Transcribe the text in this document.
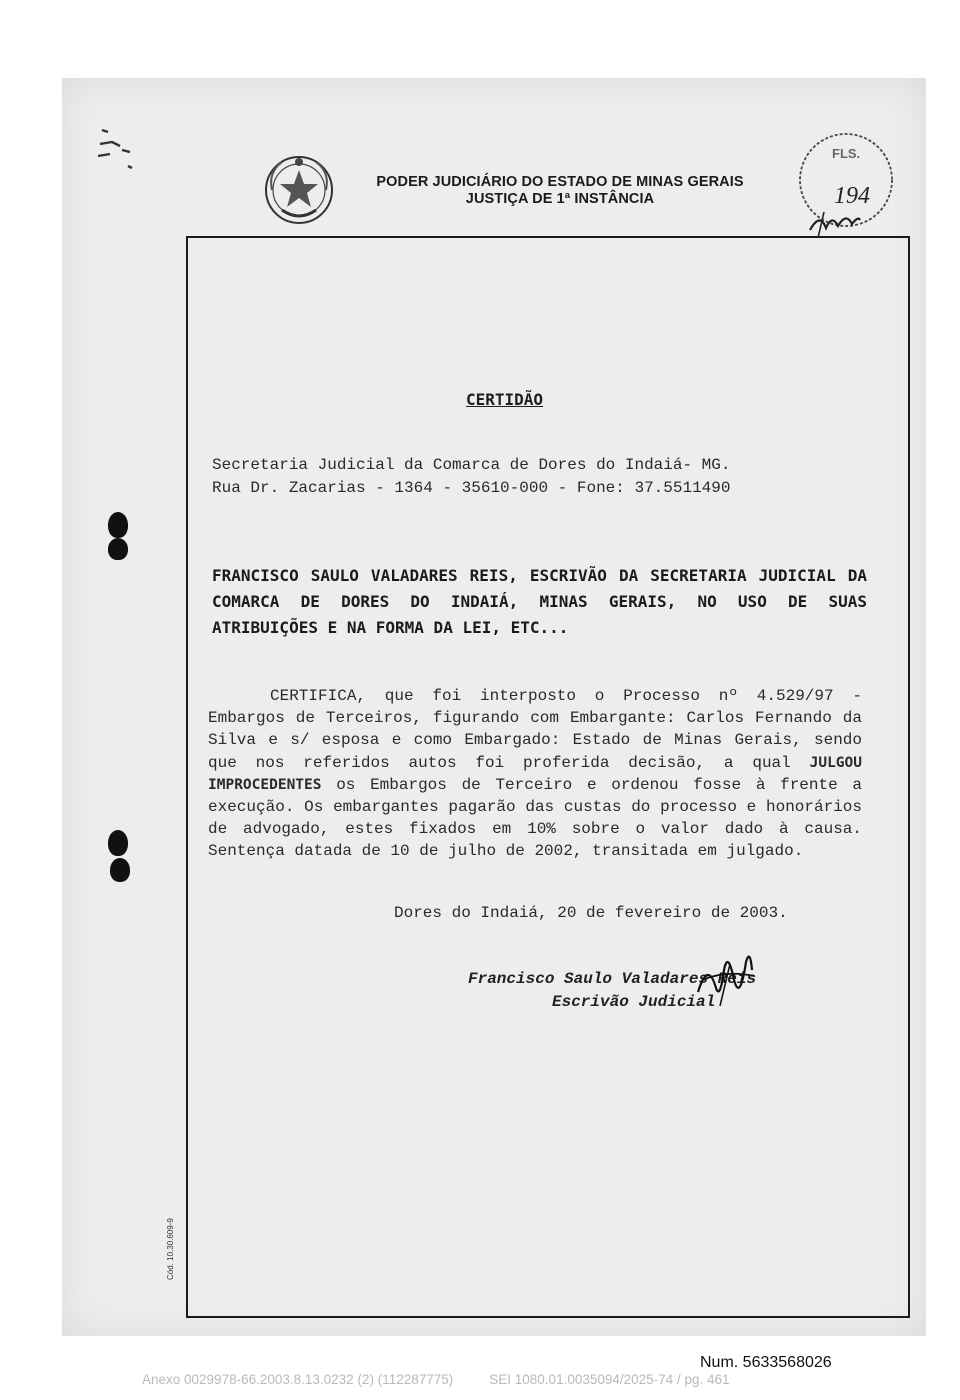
PODER JUDICIÁRIO DO ESTADO DE MINAS GERAIS
JUSTIÇA DE 1ª INSTÂNCIA
FLS.
194
CERTIDÃO
Secretaria Judicial da Comarca de Dores do Indaiá- MG.
Rua Dr. Zacarias - 1364 - 35610-000 - Fone: 37.5511490
FRANCISCO SAULO VALADARES REIS, ESCRIVÃO DA SECRETARIA JUDICIAL DA COMARCA DE DORES DO INDAIÁ, MINAS GERAIS, NO USO DE SUAS ATRIBUIÇÕES E NA FORMA DA LEI, ETC...
CERTIFICA, que foi interposto o Processo nº 4.529/97 - Embargos de Terceiros, figurando com Embargante: Carlos Fernando da Silva e s/ esposa e como Embargado: Estado de Minas Gerais, sendo que nos referidos autos foi proferida decisão, a qual JULGOU IMPROCEDENTES os Embargos de Terceiro e ordenou fosse à frente a execução. Os embargantes pagarão das custas do processo e honorários de advogado, estes fixados em 10% sobre o valor dado à causa. Sentença datada de 10 de julho de 2002, transitada em julgado.
Dores do Indaiá, 20 de fevereiro de 2003.
Francisco Saulo Valadares Reis
Escrivão Judicial
Cód. 10.30.609-9
Num. 5633568026
Anexo 0029978-66.2003.8.13.0232 (2) (112287775)	SEI 1080.01.0035094/2025-74 / pg. 461
